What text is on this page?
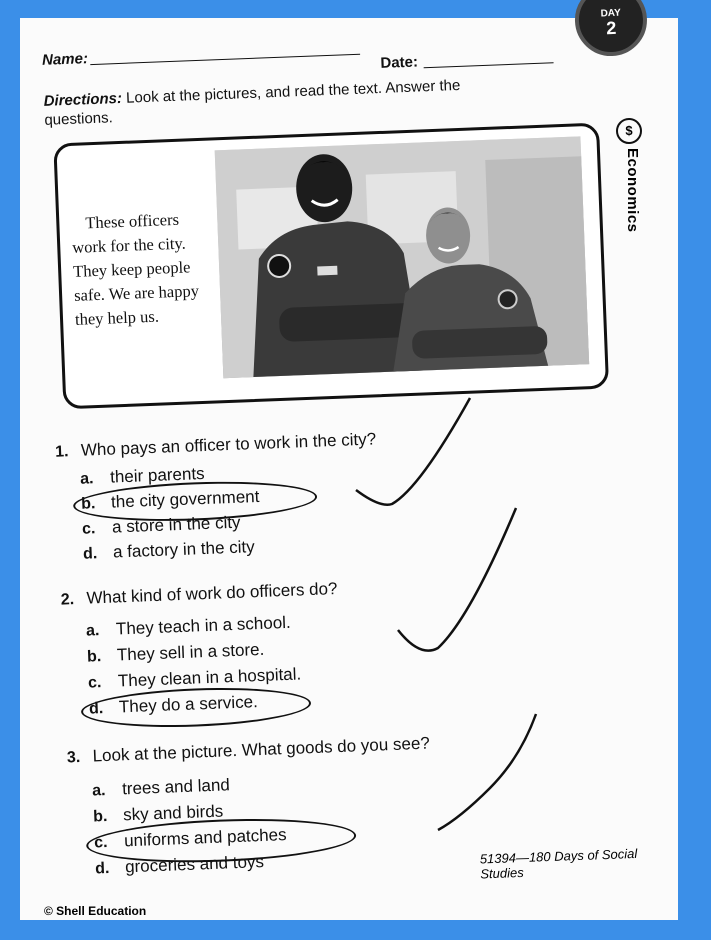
DAY
2
Name:	Date:
Directions: Look at the pictures, and read the text. Answer the questions.
These officers work for the city. They keep people safe. We are happy they help us.
1. Who pays an officer to work in the city?
a. their parents
b. the city government
c. a store in the city
d. a factory in the city
2. What kind of work do officers do?
a. They teach in a school.
b. They sell in a store.
c. They clean in a hospital.
d. They do a service.
3. Look at the picture. What goods do you see?
a. trees and land
b. sky and birds
c. uniforms and patches
d. groceries and toys
$
Economics
51394—180 Days of Social Studies
© Shell Education
